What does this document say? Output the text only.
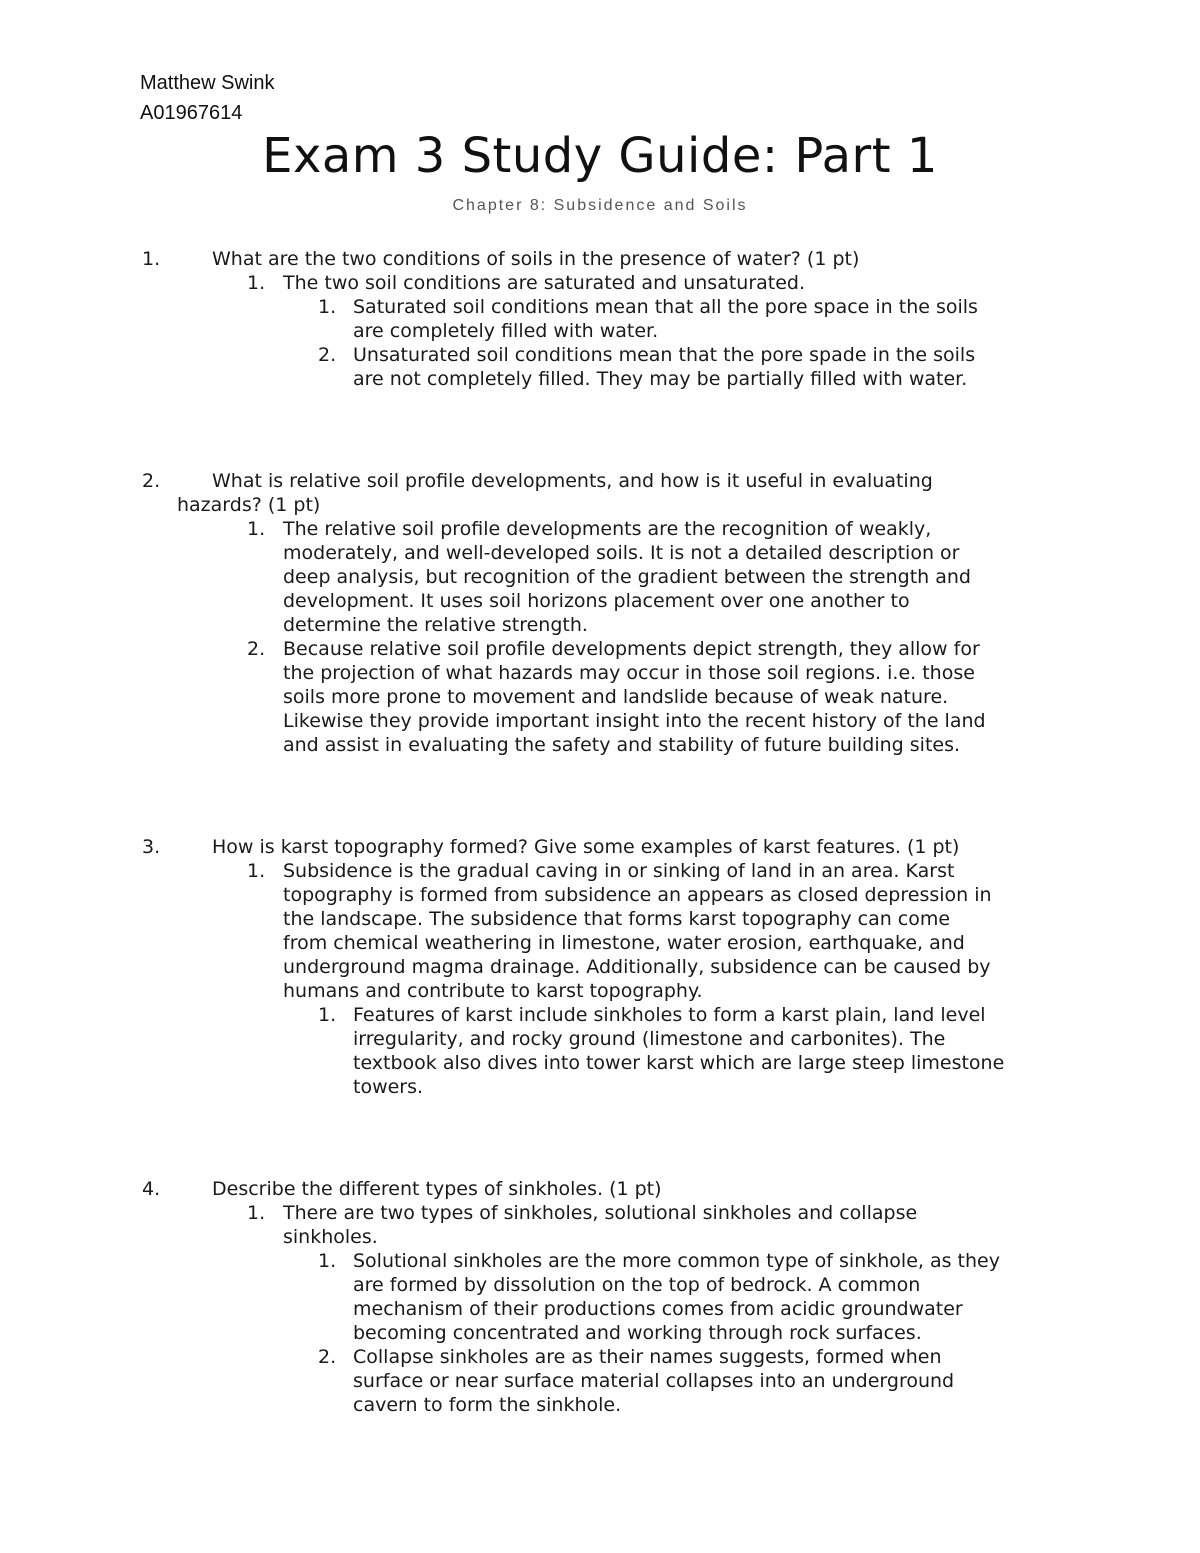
Matthew Swink
A01967614
Exam 3 Study Guide: Part 1
Chapter 8: Subsidence and Soils
1.	What are the two conditions of soils in the presence of water? (1 pt)
1. The two soil conditions are saturated and unsaturated.
1. Saturated soil conditions mean that all the pore space in the soils
are completely filled with water.
2. Unsaturated soil conditions mean that the pore spade in the soils
are not completely filled. They may be partially filled with water.
2.	What is relative soil profile developments, and how is it useful in evaluating
hazards? (1 pt)
1. The relative soil profile developments are the recognition of weakly,
moderately, and well-developed soils. It is not a detailed description or
deep analysis, but recognition of the gradient between the strength and
development. It uses soil horizons placement over one another to
determine the relative strength.
2. Because relative soil profile developments depict strength, they allow for
the projection of what hazards may occur in those soil regions. i.e. those
soils more prone to movement and landslide because of weak nature.
Likewise they provide important insight into the recent history of the land
and assist in evaluating the safety and stability of future building sites.
3.	How is karst topography formed? Give some examples of karst features. (1 pt)
1. Subsidence is the gradual caving in or sinking of land in an area. Karst
topography is formed from subsidence an appears as closed depression in
the landscape. The subsidence that forms karst topography can come
from chemical weathering in limestone, water erosion, earthquake, and
underground magma drainage. Additionally, subsidence can be caused by
humans and contribute to karst topography.
1. Features of karst include sinkholes to form a karst plain, land level
irregularity, and rocky ground (limestone and carbonites). The
textbook also dives into tower karst which are large steep limestone
towers.
4.	Describe the different types of sinkholes. (1 pt)
1. There are two types of sinkholes, solutional sinkholes and collapse
sinkholes.
1. Solutional sinkholes are the more common type of sinkhole, as they
are formed by dissolution on the top of bedrock. A common
mechanism of their productions comes from acidic groundwater
becoming concentrated and working through rock surfaces.
2. Collapse sinkholes are as their names suggests, formed when
surface or near surface material collapses into an underground
cavern to form the sinkhole.
